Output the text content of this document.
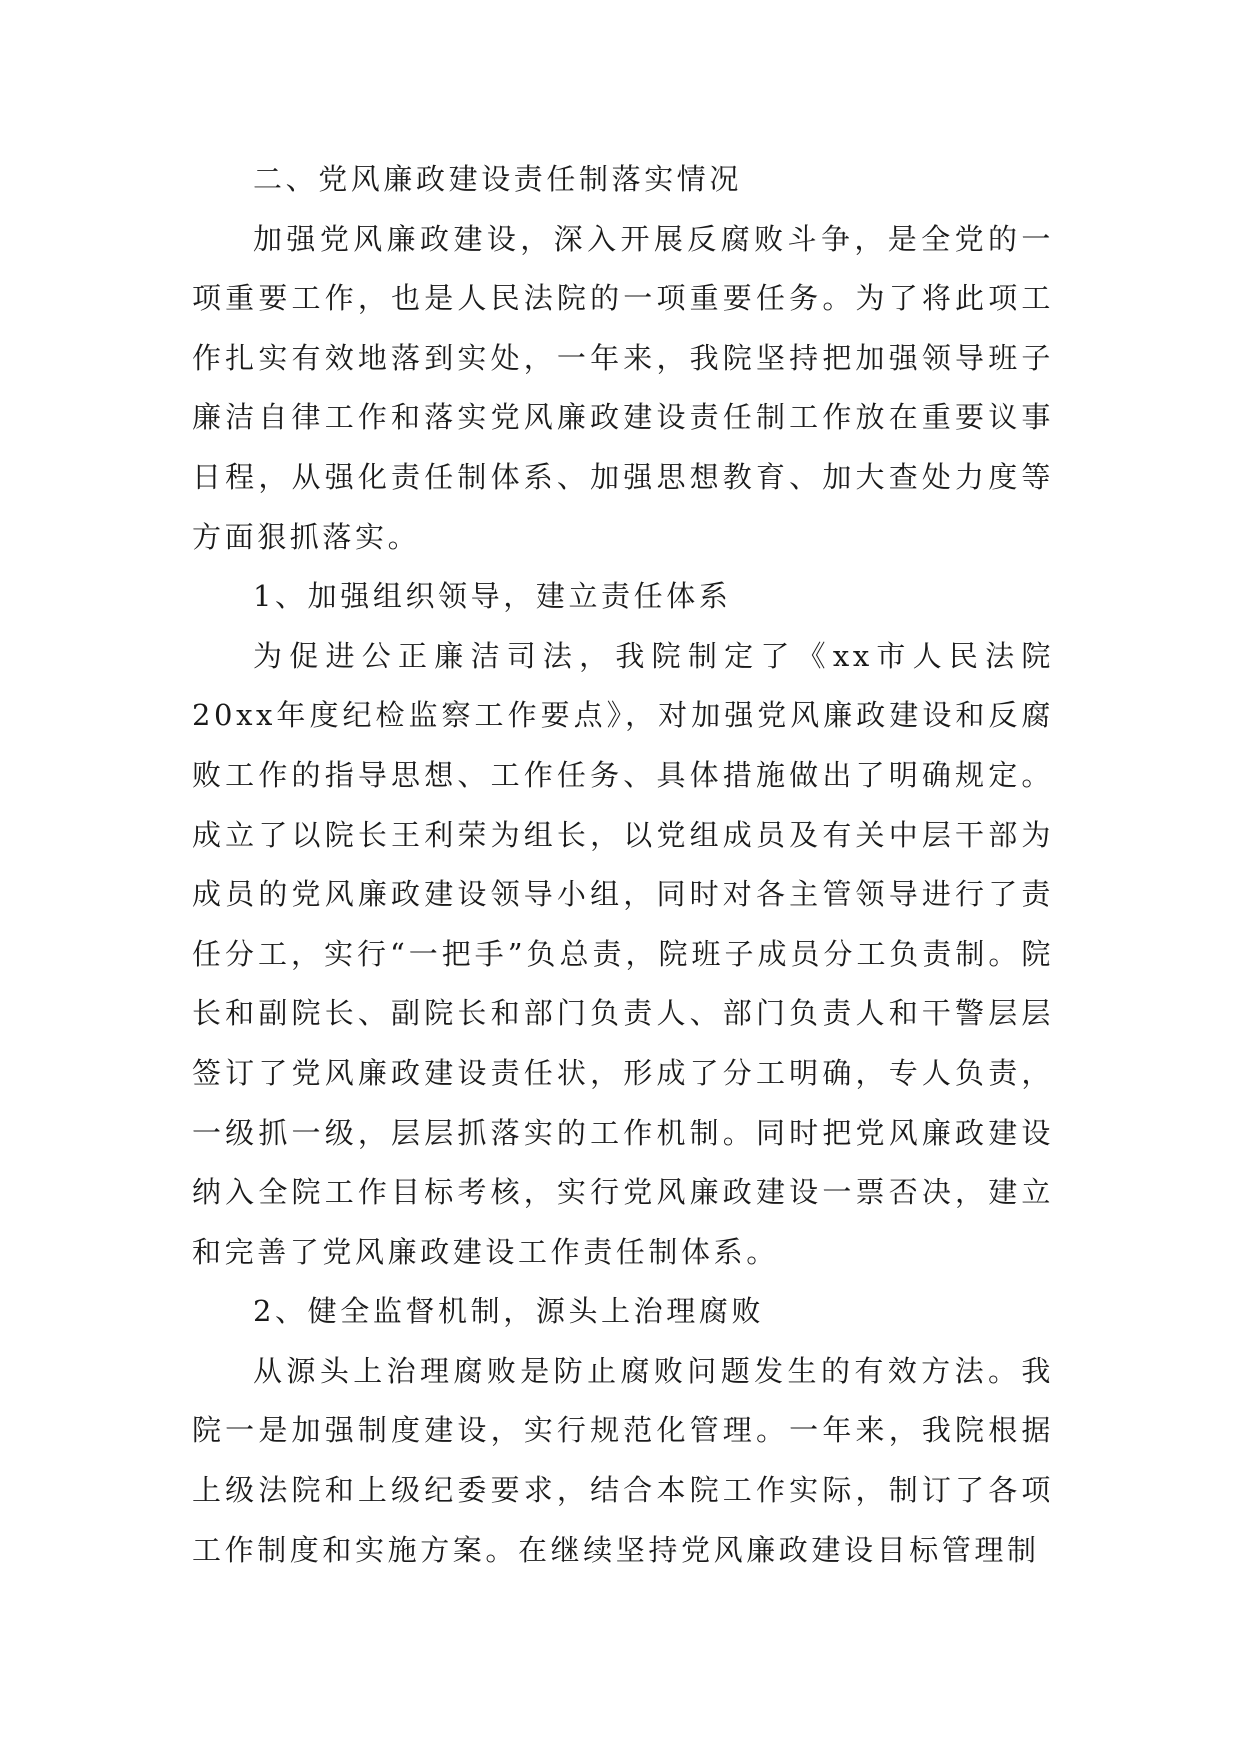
二、党风廉政建设责任制落实情况

加强党风廉政建设，深入开展反腐败斗争，是全党的一项重要工作，也是人民法院的一项重要任务。为了将此项工作扎实有效地落到实处，一年来，我院坚持把加强领导班子廉洁自律工作和落实党风廉政建设责任制工作放在重要议事日程，从强化责任制体系、加强思想教育、加大查处力度等方面狠抓落实。

1、加强组织领导，建立责任体系

为促进公正廉洁司法，我院制定了《xx市人民法院20xx年度纪检监察工作要点》，对加强党风廉政建设和反腐败工作的指导思想、工作任务、具体措施做出了明确规定。成立了以院长王利荣为组长，以党组成员及有关中层干部为成员的党风廉政建设领导小组，同时对各主管领导进行了责任分工，实行“一把手”负总责，院班子成员分工负责制。院长和副院长、副院长和部门负责人、部门负责人和干警层层签订了党风廉政建设责任状，形成了分工明确，专人负责，一级抓一级，层层抓落实的工作机制。同时把党风廉政建设纳入全院工作目标考核，实行党风廉政建设一票否决，建立和完善了党风廉政建设工作责任制体系。

2、健全监督机制，源头上治理腐败

从源头上治理腐败是防止腐败问题发生的有效方法。我院一是加强制度建设，实行规范化管理。一年来，我院根据上级法院和上级纪委要求，结合本院工作实际，制订了各项工作制度和实施方案。在继续坚持党风廉政建设目标管理制
